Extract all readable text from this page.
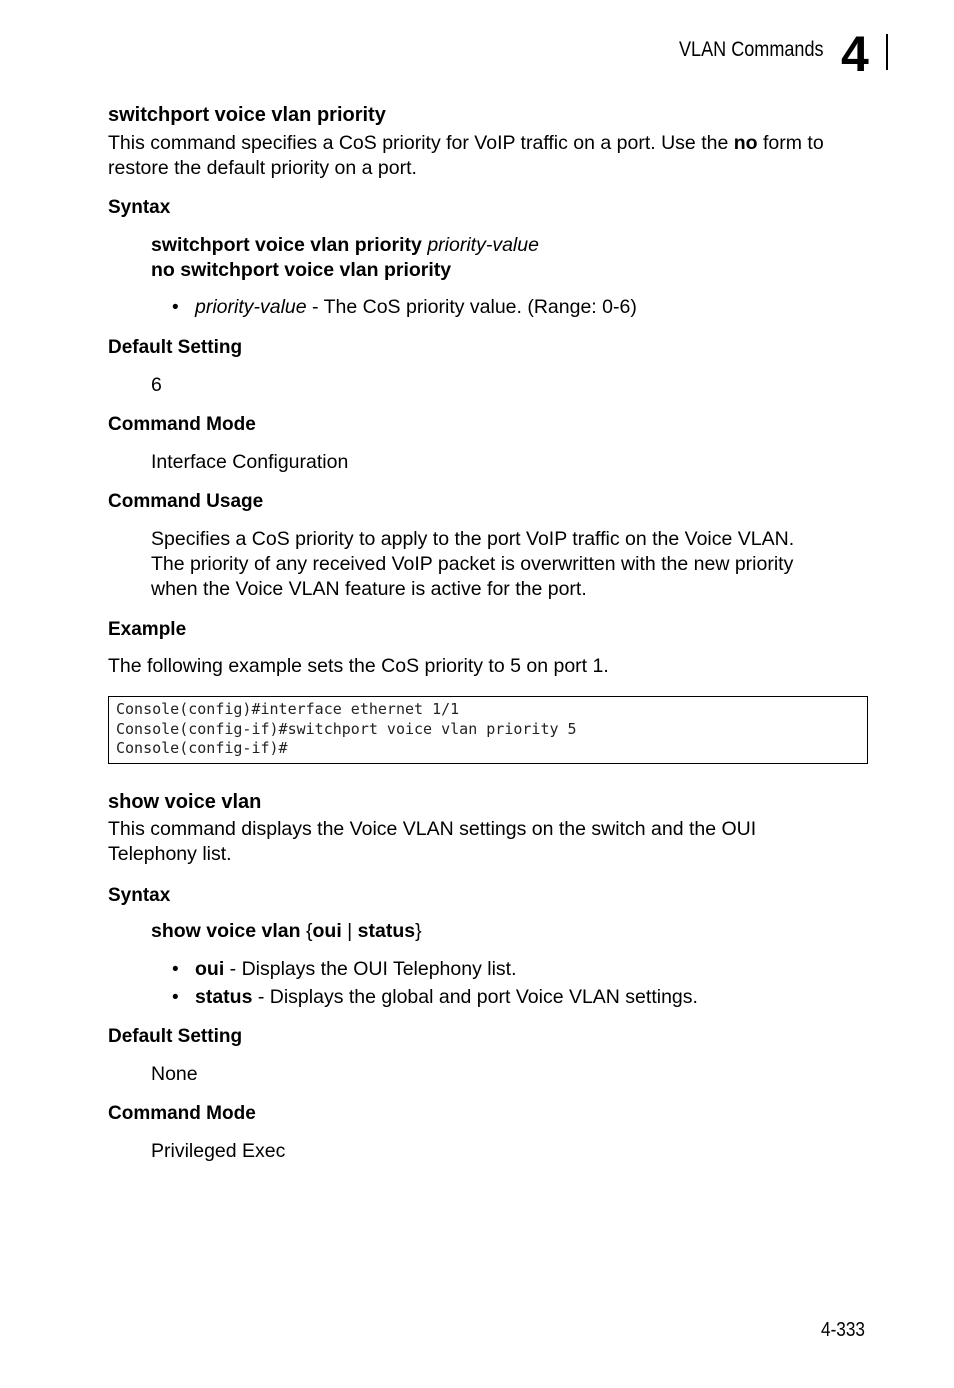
VLAN Commands 4
switchport voice vlan priority
This command specifies a CoS priority for VoIP traffic on a port. Use the no form to
restore the default priority on a port.
Syntax
switchport voice vlan priority priority-value
no switchport voice vlan priority
• priority-value - The CoS priority value. (Range: 0-6)
Default Setting
6
Command Mode
Interface Configuration
Command Usage
Specifies a CoS priority to apply to the port VoIP traffic on the Voice VLAN.
The priority of any received VoIP packet is overwritten with the new priority
when the Voice VLAN feature is active for the port.
Example
The following example sets the CoS priority to 5 on port 1.
Console(config)#interface ethernet 1/1
Console(config-if)#switchport voice vlan priority 5
Console(config-if)#
show voice vlan
This command displays the Voice VLAN settings on the switch and the OUI
Telephony list.
Syntax
show voice vlan {oui | status}
• oui - Displays the OUI Telephony list.
• status - Displays the global and port Voice VLAN settings.
Default Setting
None
Command Mode
Privileged Exec
4-333
